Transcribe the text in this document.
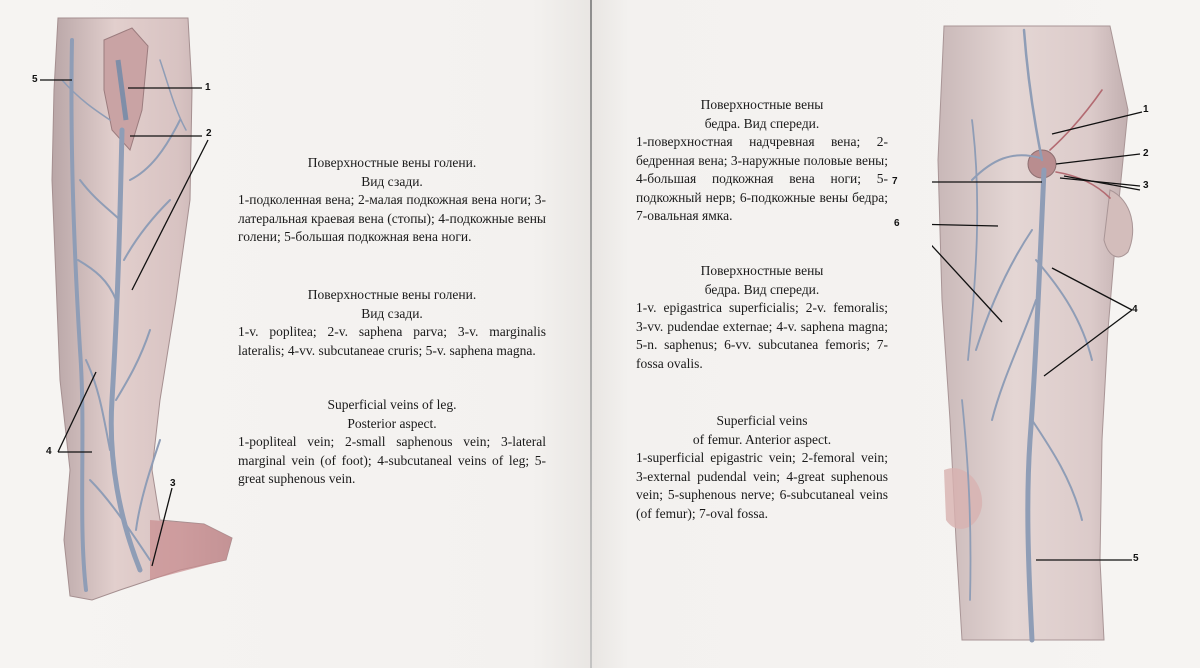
5
1
2
4
3

Поверхностные вены голени.

Вид сзади.

1-подколенная вена; 2-малая подкожная вена ноги; 3-латеральная краевая вена (стопы); 4-подкожные вены голени; 5-большая подкожная вена ноги.

Поверхностные вены голени.

Вид сзади.

1-v. poplitea; 2-v. saphena parva; 3-v. marginalis lateralis; 4-vv. subcutaneae cruris; 5-v. saphena magna.

Superficial veins of leg.

Posterior aspect.

1-popliteal vein; 2-small saphenous vein; 3-lateral marginal vein (of foot); 4-subcutaneal veins of leg; 5-great suphenous vein.

Поверхностные вены

бедра. Вид спереди.

1-поверхностная надчревная вена; 2-бедренная вена; 3-наружные половые вены; 4-большая подкожная вена ноги; 5-подкожный нерв; 6-подкожные вены бедра; 7-овальная ямка.

Поверхностные вены

бедра. Вид спереди.

1-v. epigastrica superficialis; 2-v. femoralis; 3-vv. pudendae externae; 4-v. saphena magna; 5-n. saphenus; 6-vv. subcutanea femoris; 7-fossa ovalis.

Superficial veins

of femur. Anterior aspect.

1-superficial epigastric vein; 2-femoral vein; 3-external pudendal vein; 4-great suphenous vein; 5-suphenous nerve; 6-subcutaneal veins (of femur); 7-oval fossa.

1
2
3
7
6
4
5
